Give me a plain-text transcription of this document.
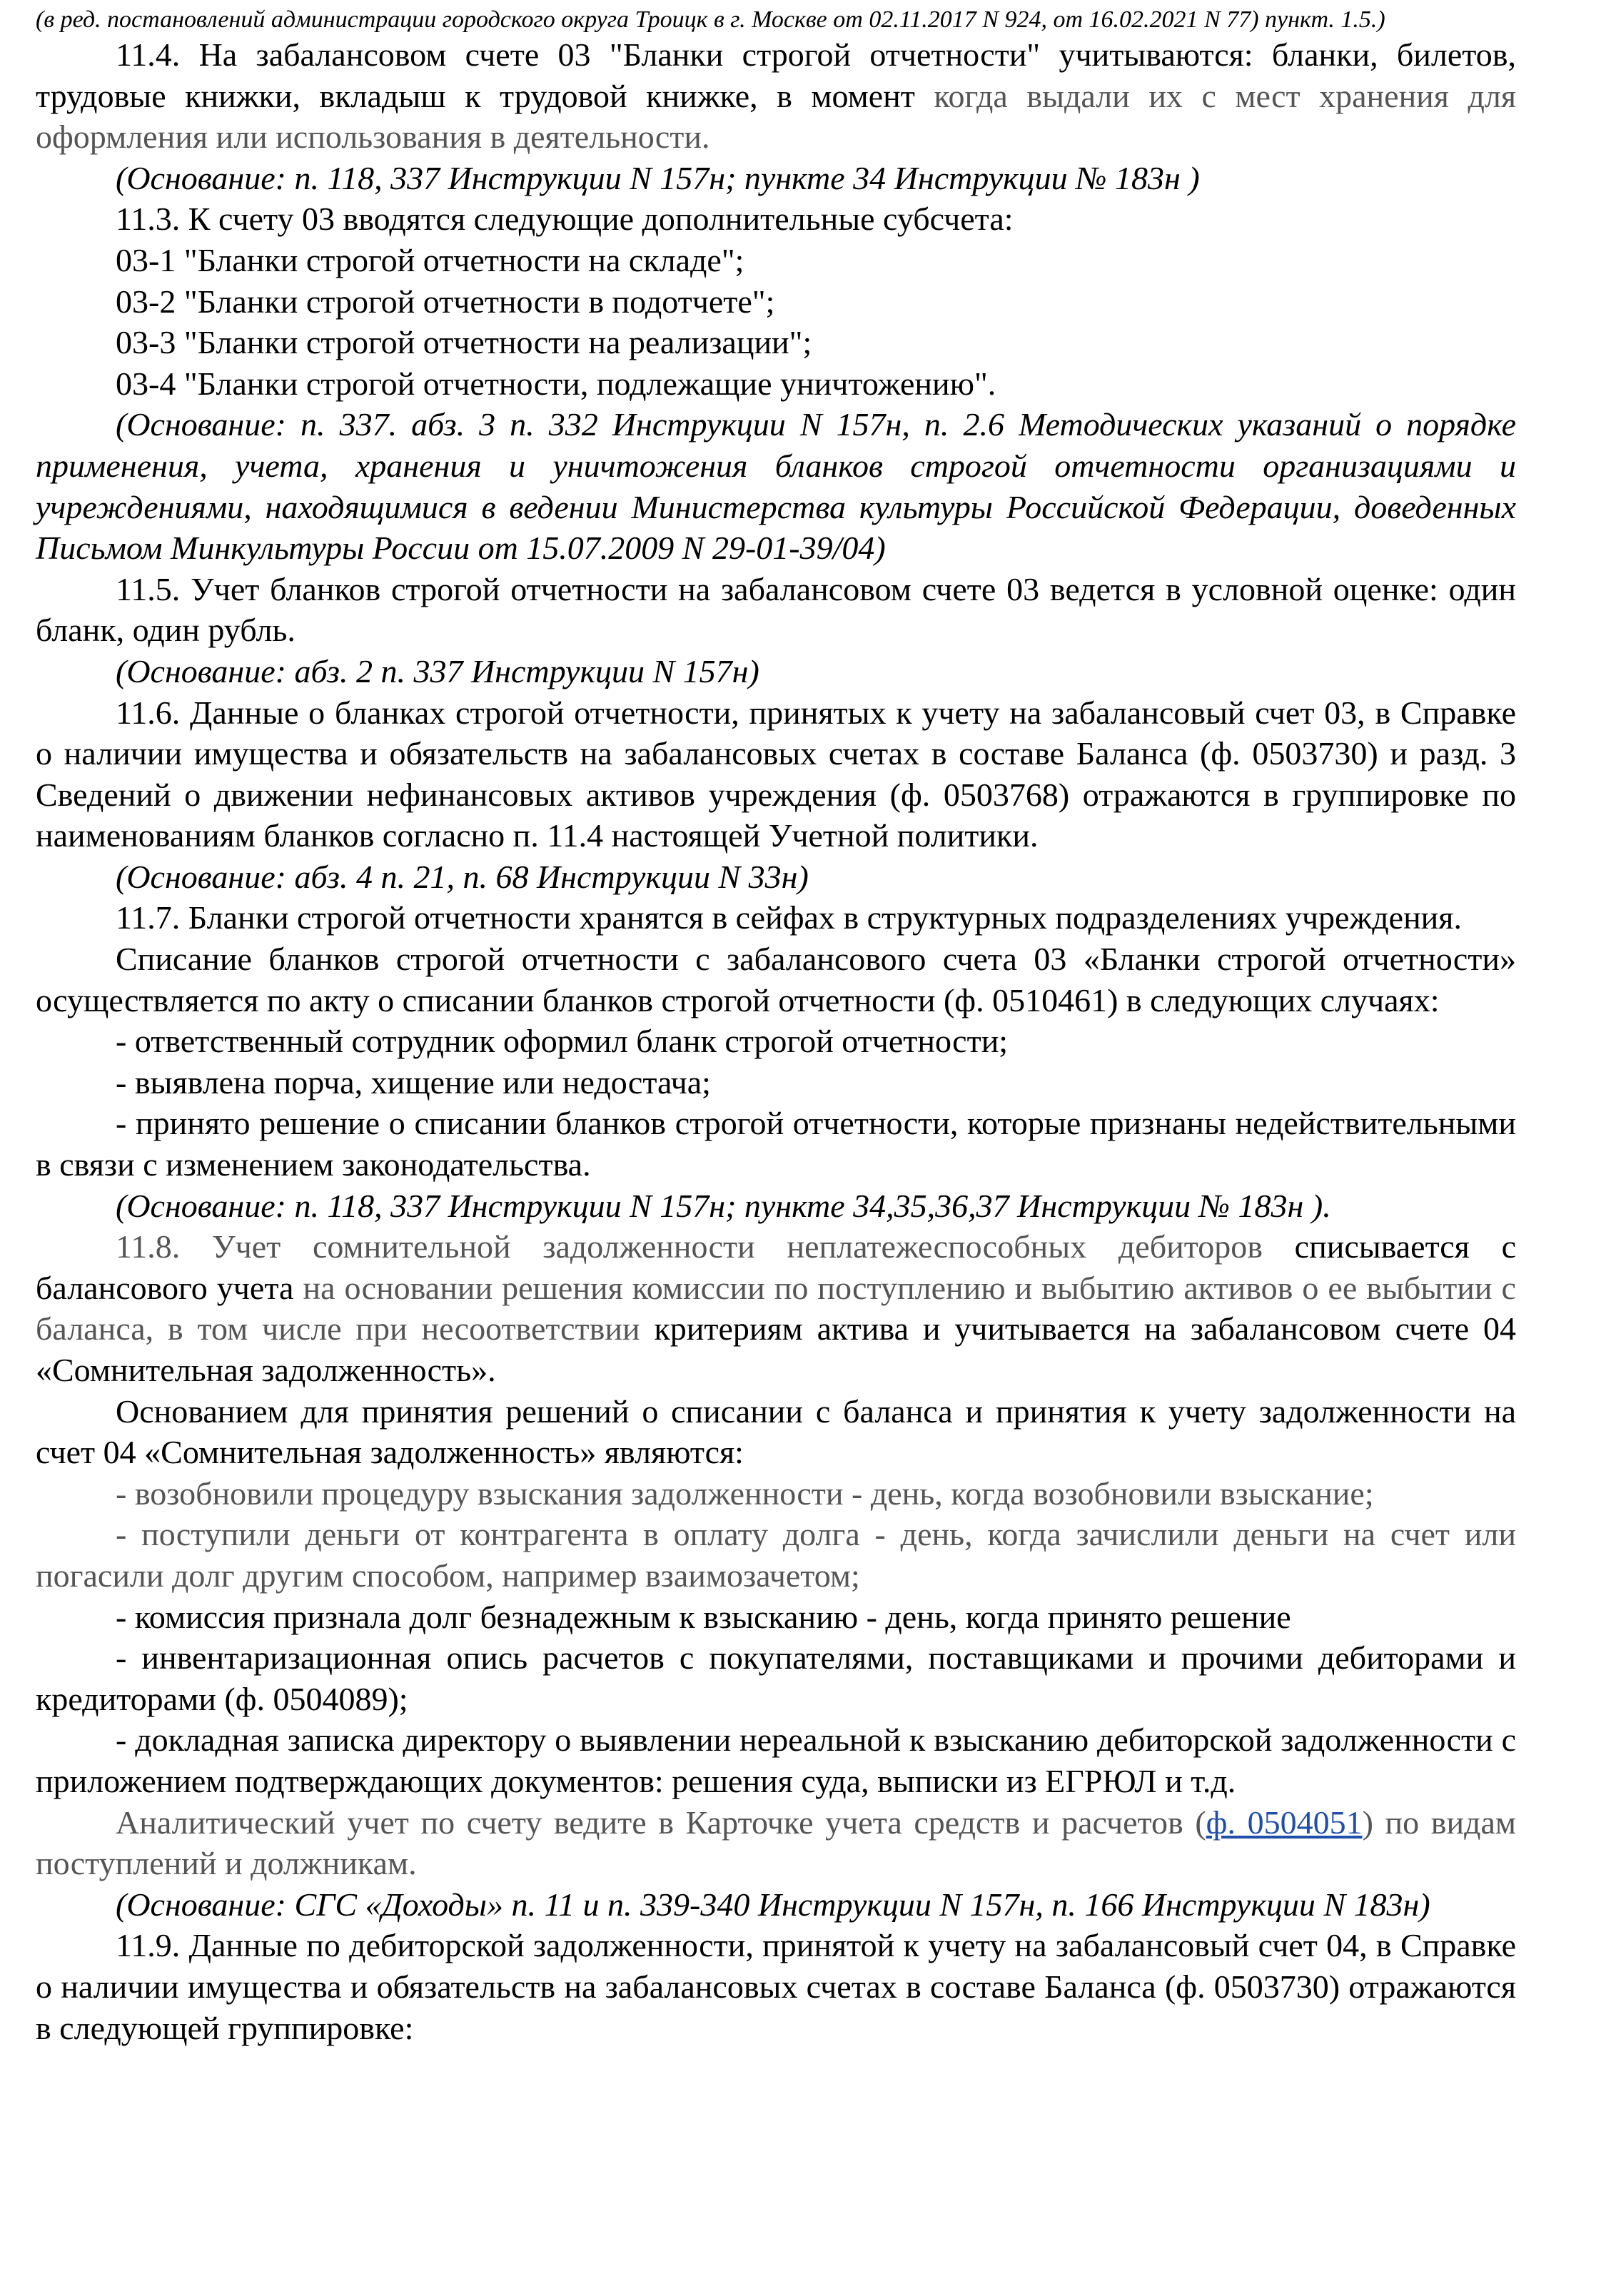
(в ред. постановлений администрации городского округа Троицк в г. Москве от 02.11.2017 N 924, от 16.02.2021 N 77) пункт. 1.5.)

11.4. На забалансовом счете 03 "Бланки строгой отчетности" учитываются: бланки, билетов, трудовые книжки, вкладыш к трудовой книжке, в момент когда выдали их с мест хранения для оформления или использования в деятельности.

(Основание: п. 118, 337 Инструкции N 157н; пункте 34 Инструкции № 183н )

11.3. К счету 03 вводятся следующие дополнительные субсчета:

03-1 "Бланки строгой отчетности на складе";

03-2 "Бланки строгой отчетности в подотчете";

03-3 "Бланки строгой отчетности на реализации";

03-4 "Бланки строгой отчетности, подлежащие уничтожению".

(Основание: п. 337. абз. 3 п. 332 Инструкции N 157н, п. 2.6 Методических указаний о порядке применения, учета, хранения и уничтожения бланков строгой отчетности организациями и учреждениями, находящимися в ведении Министерства культуры Российской Федерации, доведенных Письмом Минкультуры России от 15.07.2009 N 29-01-39/04)

11.5. Учет бланков строгой отчетности на забалансовом счете 03 ведется в условной оценке: один бланк, один рубль.

(Основание: абз. 2 п. 337 Инструкции N 157н)

11.6. Данные о бланках строгой отчетности, принятых к учету на забалансовый счет 03, в Справке о наличии имущества и обязательств на забалансовых счетах в составе Баланса (ф. 0503730) и разд. 3 Сведений о движении нефинансовых активов учреждения (ф. 0503768) отражаются в группировке по наименованиям бланков согласно п. 11.4 настоящей Учетной политики.

(Основание: абз. 4 п. 21, п. 68 Инструкции N 33н)

11.7. Бланки строгой отчетности хранятся в сейфах в структурных подразделениях учреждения.

Списание бланков строгой отчетности с забалансового счета 03 «Бланки строгой отчетности» осуществляется по акту о списании бланков строгой отчетности (ф. 0510461) в следующих случаях:

- ответственный сотрудник оформил бланк строгой отчетности;

- выявлена порча, хищение или недостача;

- принято решение о списании бланков строгой отчетности, которые признаны недействительными в связи с изменением законодательства.

(Основание: п. 118, 337 Инструкции N 157н; пункте 34,35,36,37 Инструкции № 183н ).

11.8. Учет сомнительной задолженности неплатежеспособных дебиторов списывается с балансового учета на основании решения комиссии по поступлению и выбытию активов о ее выбытии с баланса, в том числе при несоответствии критериям актива и учитывается на забалансовом счете 04 «Сомнительная задолженность».

Основанием для принятия решений о списании с баланса и принятия к учету задолженности на счет 04 «Сомнительная задолженность» являются:

- возобновили процедуру взыскания задолженности - день, когда возобновили взыскание;

- поступили деньги от контрагента в оплату долга - день, когда зачислили деньги на счет или погасили долг другим способом, например взаимозачетом;

- комиссия признала долг безнадежным к взысканию - день, когда принято решение

- инвентаризационная опись расчетов с покупателями, поставщиками и прочими дебиторами и кредиторами (ф. 0504089);

- докладная записка директору о выявлении нереальной к взысканию дебиторской задолженности с приложением подтверждающих документов: решения суда, выписки из ЕГРЮЛ и т.д.

Аналитический учет по счету ведите в Карточке учета средств и расчетов (ф. 0504051) по видам поступлений и должникам.

(Основание: СГС «Доходы» п. 11 и п. 339-340 Инструкции N 157н, п. 166 Инструкции N 183н)

11.9. Данные по дебиторской задолженности, принятой к учету на забалансовый счет 04, в Справке о наличии имущества и обязательств на забалансовых счетах в составе Баланса (ф. 0503730) отражаются в следующей группировке:
